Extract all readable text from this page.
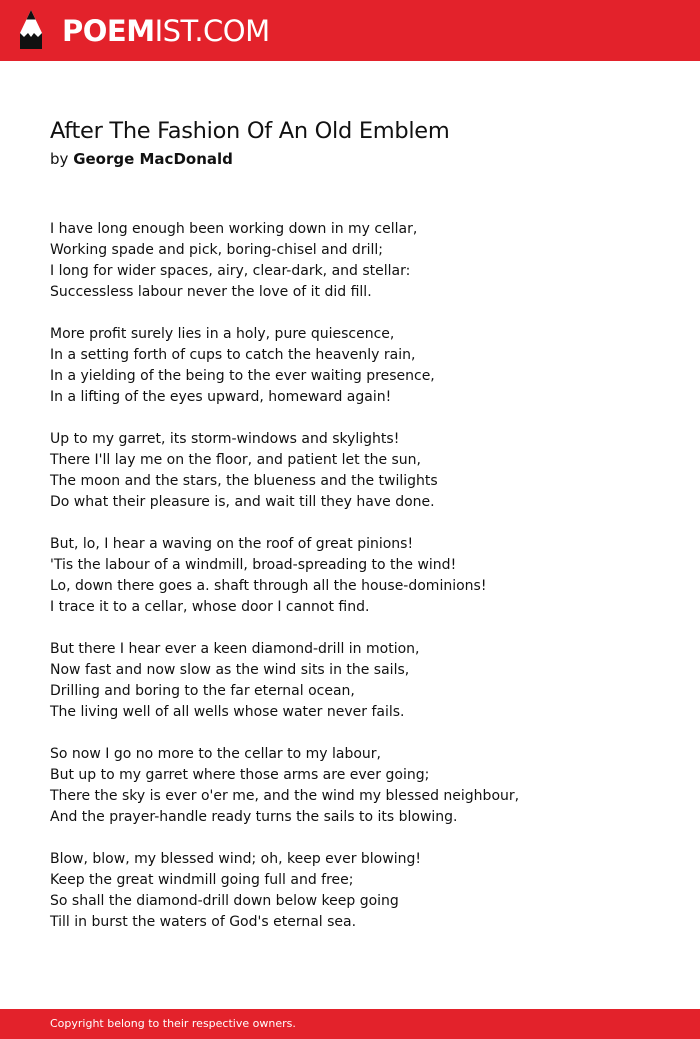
POEMIST.COM
After The Fashion Of An Old Emblem
by George MacDonald
I have long enough been working down in my cellar,
Working spade and pick, boring-chisel and drill;
I long for wider spaces, airy, clear-dark, and stellar:
Successless labour never the love of it did fill.
More profit surely lies in a holy, pure quiescence,
In a setting forth of cups to catch the heavenly rain,
In a yielding of the being to the ever waiting presence,
In a lifting of the eyes upward, homeward again!
Up to my garret, its storm-windows and skylights!
There I'll lay me on the floor, and patient let the sun,
The moon and the stars, the blueness and the twilights
Do what their pleasure is, and wait till they have done.
But, lo, I hear a waving on the roof of great pinions!
'Tis the labour of a windmill, broad-spreading to the wind!
Lo, down there goes a. shaft through all the house-dominions!
I trace it to a cellar, whose door I cannot find.
But there I hear ever a keen diamond-drill in motion,
Now fast and now slow as the wind sits in the sails,
Drilling and boring to the far eternal ocean,
The living well of all wells whose water never fails.
So now I go no more to the cellar to my labour,
But up to my garret where those arms are ever going;
There the sky is ever o'er me, and the wind my blessed neighbour,
And the prayer-handle ready turns the sails to its blowing.
Blow, blow, my blessed wind; oh, keep ever blowing!
Keep the great windmill going full and free;
So shall the diamond-drill down below keep going
Till in burst the waters of God's eternal sea.
Copyright belong to their respective owners.
